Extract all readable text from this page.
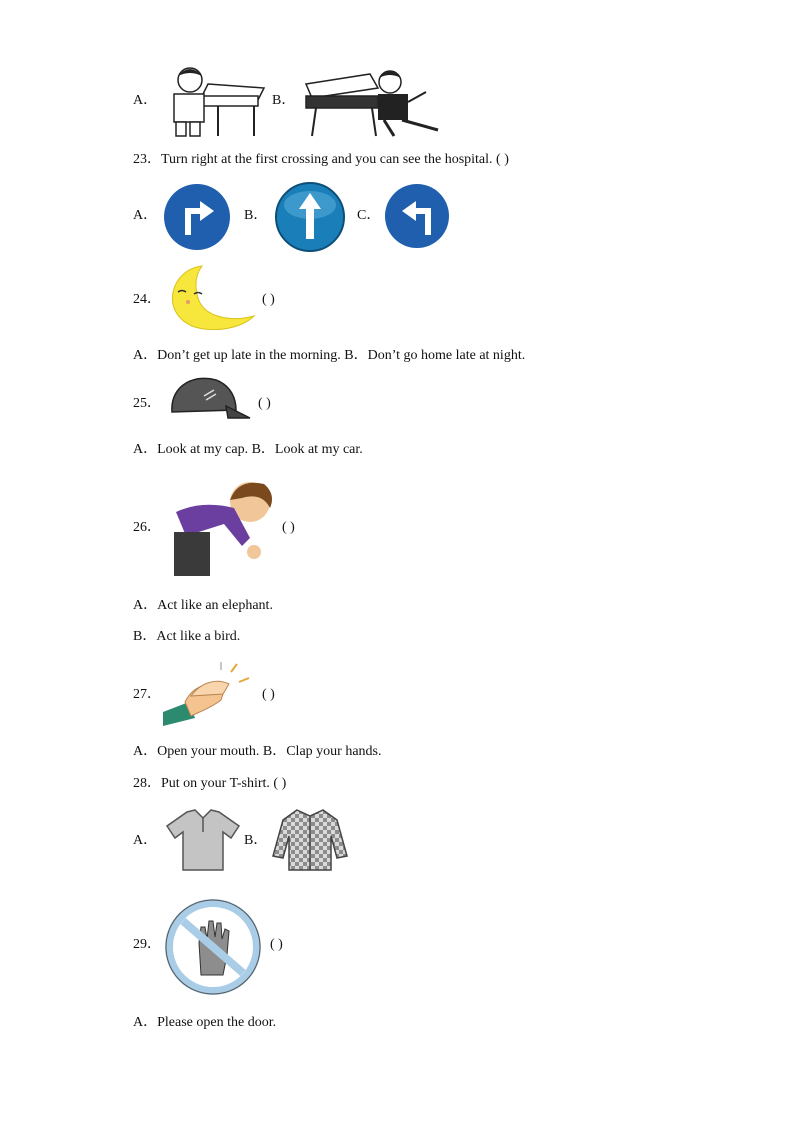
A．	B．
23．Turn right at the first crossing and you can see the hospital. ( )
A．	B．	C．
24．	( )
A．Don’t get up late in the morning. B．Don’t go home late at night.
25．	( )
A．Look at my cap. B．Look at my car.
26．	( )
A．Act like an elephant.
B．Act like a bird.
27．	( )
A．Open your mouth. B．Clap your hands.
28．Put on your T-shirt. ( )
A．	B．
29．	( )
A．Please open the door.
